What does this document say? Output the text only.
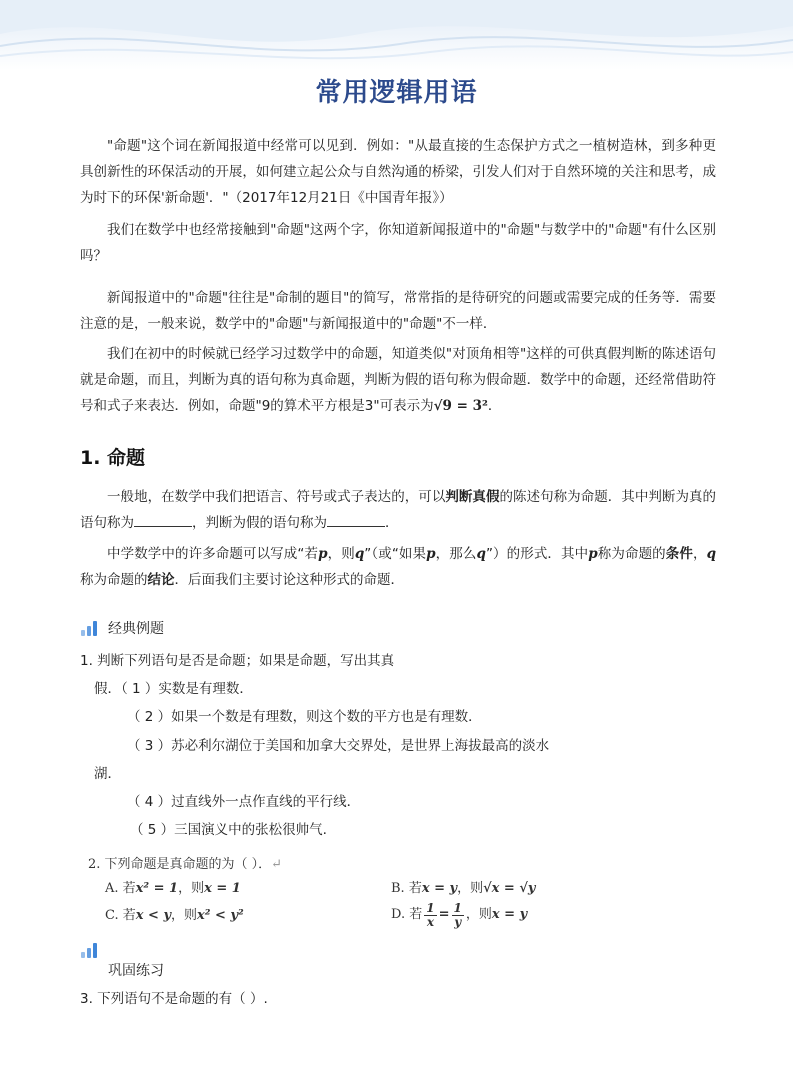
常用逻辑用语

"命题"这个词在新闻报道中经常可以见到．例如："从最直接的生态保护方式之一植树造林，到多种更具创新性的环保活动的开展，如何建立起公众与自然沟通的桥梁，引发人们对于自然环境的关注和思考，成为时下的环保'新命题'．"（2017年12月21日《中国青年报》）

我们在数学中也经常接触到"命题"这两个字，你知道新闻报道中的"命题"与数学中的"命题"有什么区别吗？

新闻报道中的"命题"往往是"命制的题目"的简写，常常指的是待研究的问题或需要完成的任务等．需要注意的是，一般来说，数学中的"命题"与新闻报道中的"命题"不一样．

我们在初中的时候就已经学习过数学中的命题，知道类似"对顶角相等"这样的可供真假判断的陈述语句就是命题，而且，判断为真的语句称为真命题，判断为假的语句称为假命题．数学中的命题，还经常借助符号和式子来表达．例如，命题"9的算术平方根是3"可表示为√9 = 3²．

1. 命题

一般地，在数学中我们把语言、符号或式子表达的，可以判断真假的陈述句称为命题．其中判断为真的语句称为	，判断为假的语句称为	．

中学数学中的许多命题可以写成“若p，则q”（或“如果p，那么q”）的形式．其中p称为命题的条件，q称为命题的结论．后面我们主要讨论这种形式的命题．

经典例题

1. 判断下列语句是否是命题；如果是命题，写出其真

假．（ 1 ）实数是有理数．

（ 2 ）如果一个数是有理数，则这个数的平方也是有理数．

（ 3 ）苏必利尔湖位于美国和加拿大交界处，是世界上海拔最高的淡水

湖．

（ 4 ）过直线外一点作直线的平行线．

（ 5 ）三国演义中的张松很帅气.

2. 下列命题是真命题的为（ ）．↵

A. 若x² = 1，则x = 1	B. 若x = y，则√x = √y

C. 若x < y，则x² < y²	D. 若 $\frac{1}{x} = \frac{1}{y}$ ，则 x = y
巩固练习

3. 下列语句不是命题的有（ ）.
